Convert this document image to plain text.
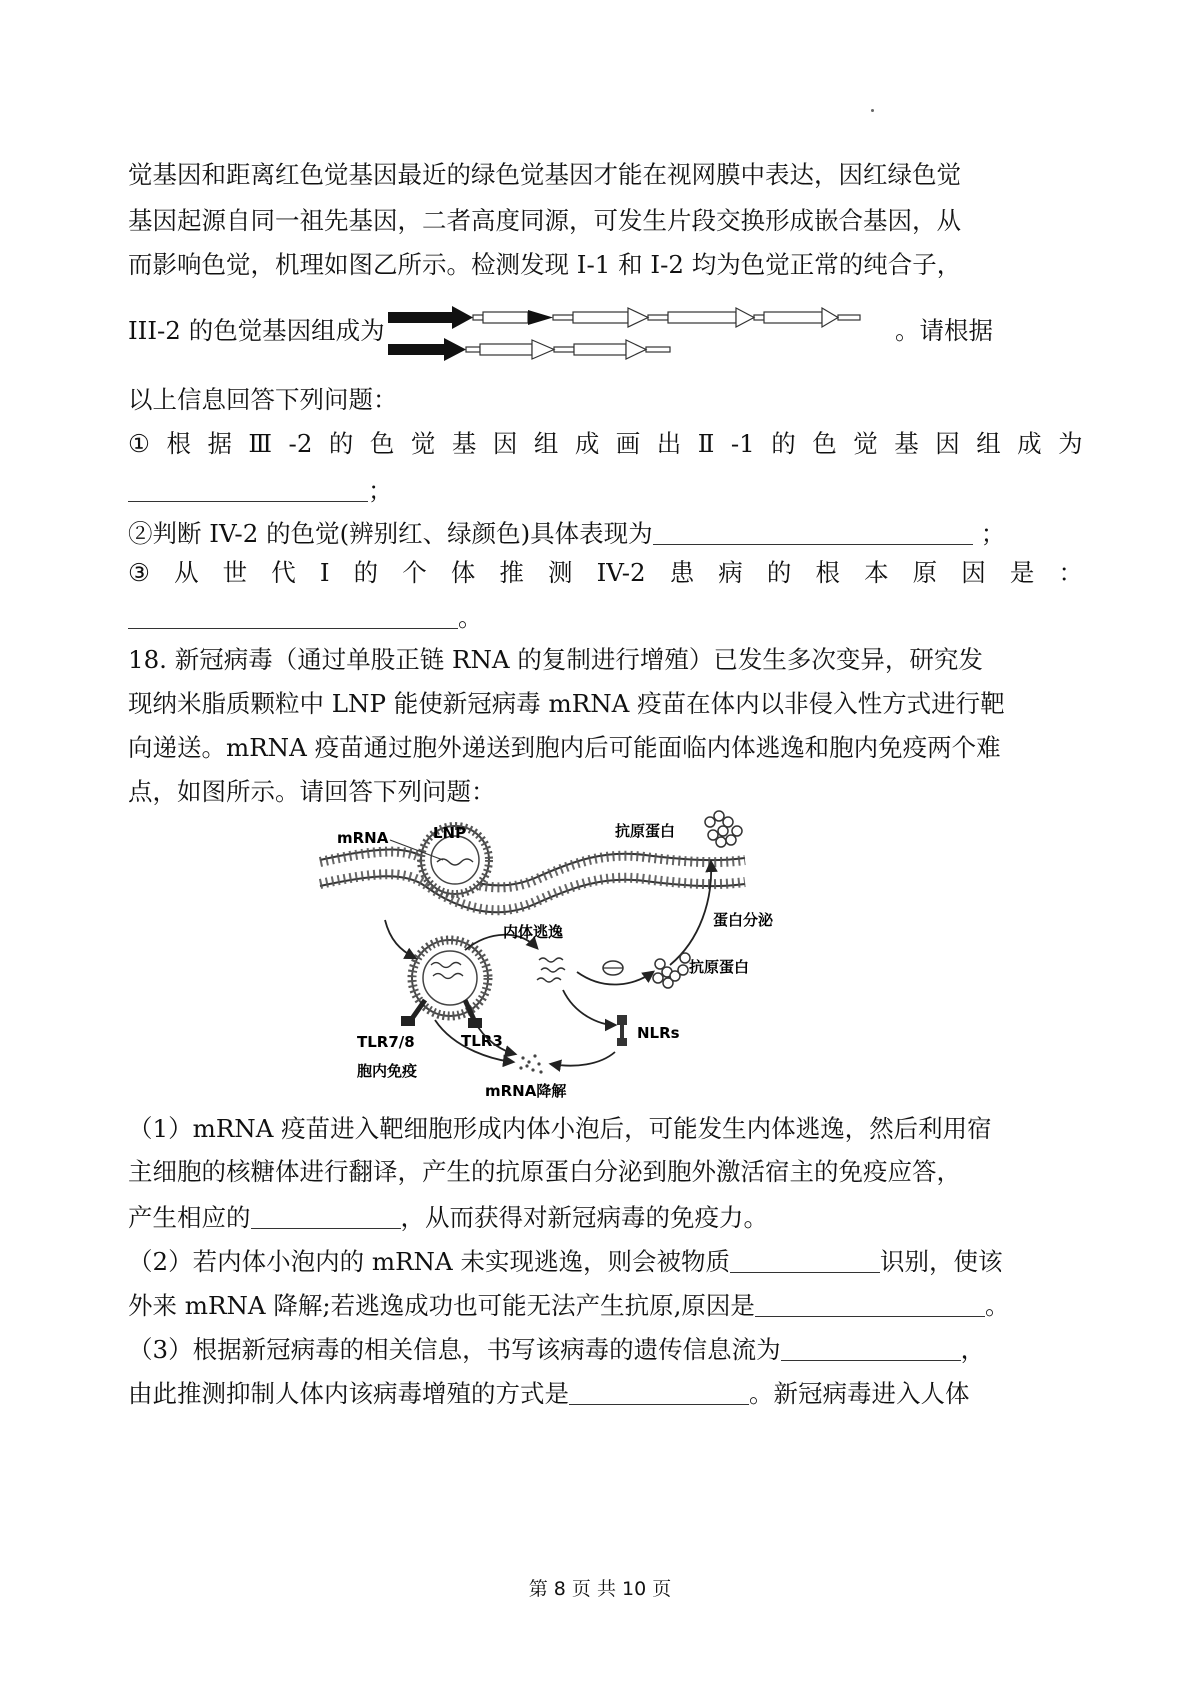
觉基因和距离红色觉基因最近的绿色觉基因才能在视网膜中表达，因红绿色觉
基因起源自同一祖先基因，二者高度同源，可发生片段交换形成嵌合基因，从
而影响色觉，机理如图乙所示。检测发现 I-1 和 I-2 均为色觉正常的纯合子，
III-2 的色觉基因组成为	。请根据
以上信息回答下列问题：
① 根 据 Ⅲ -2 的 色 觉 基 因 组 成 画 出 Ⅱ -1 的 色 觉 基 因 组 成 为
；
②判断 IV-2 的色觉(辨别红、绿颜色)具体表现为	；
③ 从 世 代 I 的 个 体 推 测 IV-2 患 病 的 根 本 原 因 是 ：
。
18. 新冠病毒（通过单股正链 RNA 的复制进行增殖）已发生多次变异，研究发
现纳米脂质颗粒中 LNP 能使新冠病毒 mRNA 疫苗在体内以非侵入性方式进行靶
向递送。mRNA 疫苗通过胞外递送到胞内后可能面临内体逃逸和胞内免疫两个难
点，如图所示。请回答下列问题：
mRNA	LNP	抗原蛋白
蛋白分泌
TLR7/8	TLR3
内体逃逸
抗原蛋白
NLRs
胞内免疫
mRNA降解
（1）mRNA 疫苗进入靶细胞形成内体小泡后，可能发生内体逃逸，然后利用宿
主细胞的核糖体进行翻译，产生的抗原蛋白分泌到胞外激活宿主的免疫应答，
产生相应的	，从而获得对新冠病毒的免疫力。
（2）若内体小泡内的 mRNA 未实现逃逸，则会被物质	识别，使该
外来 mRNA 降解;若逃逸成功也可能无法产生抗原,原因是	。
（3）根据新冠病毒的相关信息，书写该病毒的遗传信息流为	，
由此推测抑制人体内该病毒增殖的方式是	。新冠病毒进入人体
第 8 页 共 10 页
